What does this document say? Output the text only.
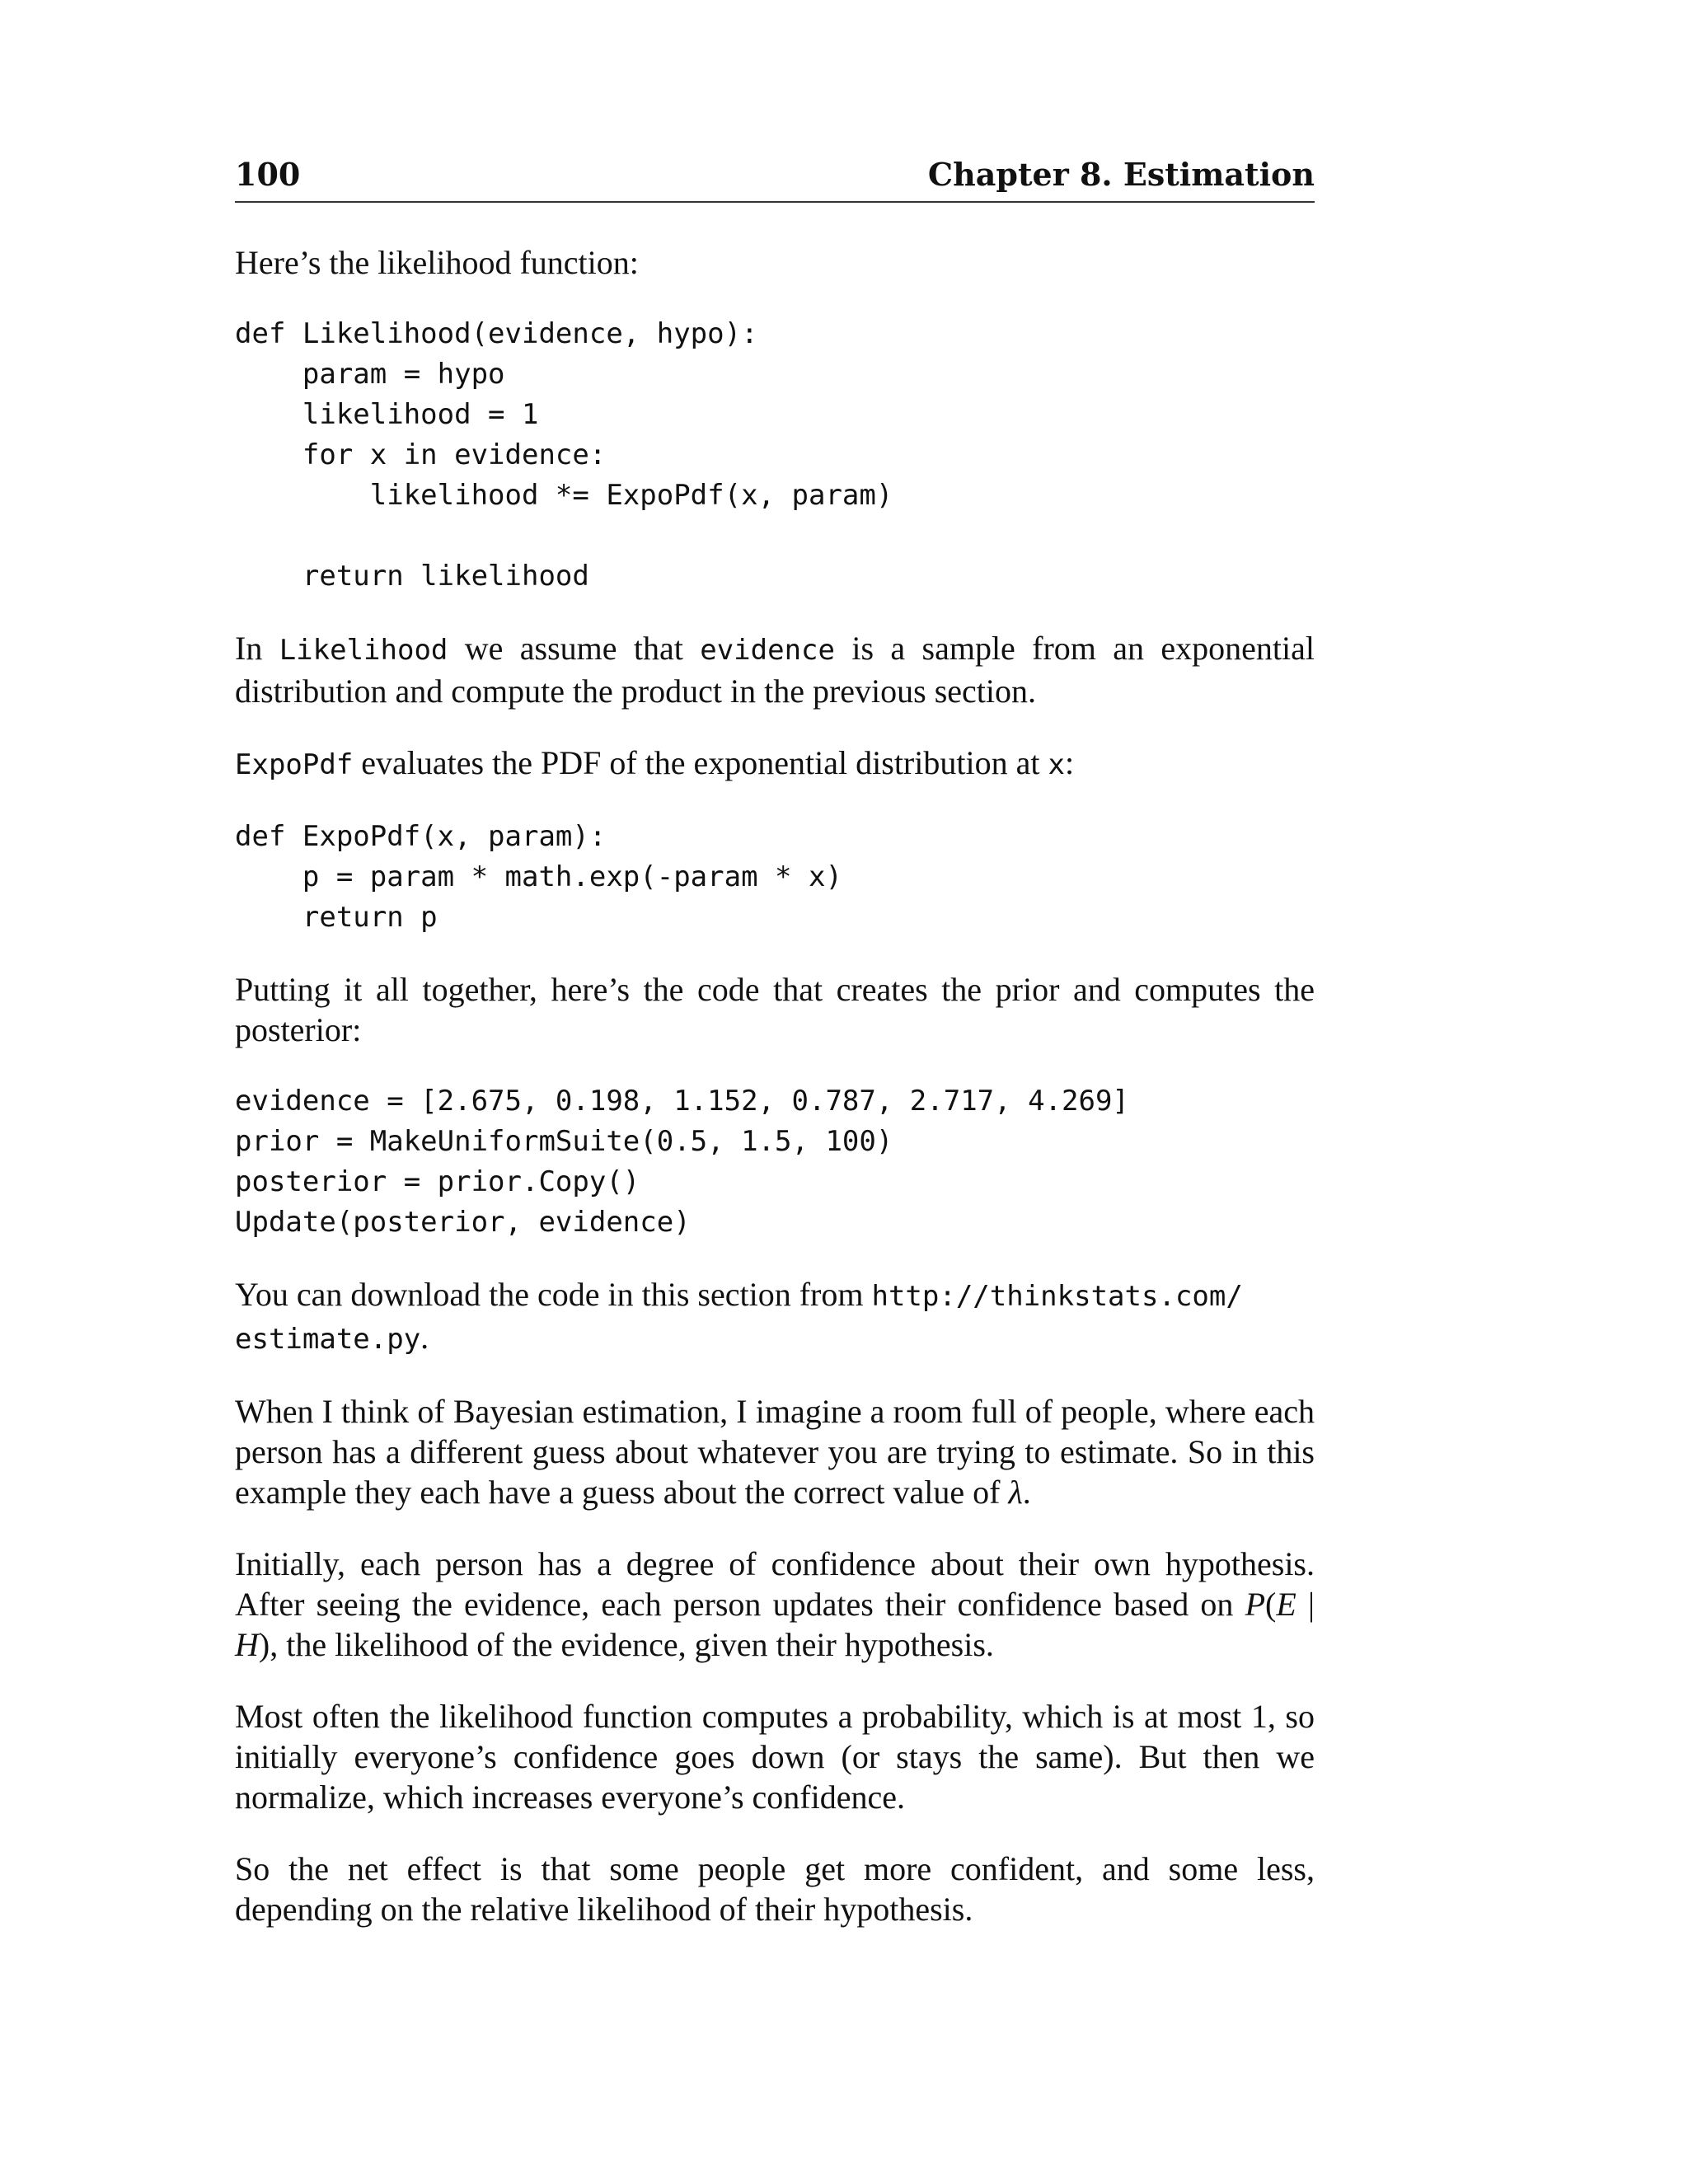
100	Chapter 8. Estimation

Here’s the likelihood function:

def Likelihood(evidence, hypo):
param = hypo
likelihood = 1
for x in evidence:
likelihood *= ExpoPdf(x, param)
return likelihood

In Likelihood we assume that evidence is a sample from an exponential distribution and compute the product in the previous section.

ExpoPdf evaluates the PDF of the exponential distribution at x:

def ExpoPdf(x, param):
p = param * math.exp(-param * x)
return p

Putting it all together, here’s the code that creates the prior and computes the posterior:

evidence = [2.675, 0.198, 1.152, 0.787, 2.717, 4.269]
prior = MakeUniformSuite(0.5, 1.5, 100)
posterior = prior.Copy()
Update(posterior, evidence)

You can download the code in this section from http://thinkstats.com/
estimate.py.

When I think of Bayesian estimation, I imagine a room full of people, where each person has a different guess about whatever you are trying to estimate. So in this example they each have a guess about the correct value of λ.

Initially, each person has a degree of confidence about their own hypothesis. After seeing the evidence, each person updates their confidence based on P(E | H), the likelihood of the evidence, given their hypothesis.

Most often the likelihood function computes a probability, which is at most 1, so initially everyone’s confidence goes down (or stays the same). But then we normalize, which increases everyone’s confidence.

So the net effect is that some people get more confident, and some less, depending on the relative likelihood of their hypothesis.
